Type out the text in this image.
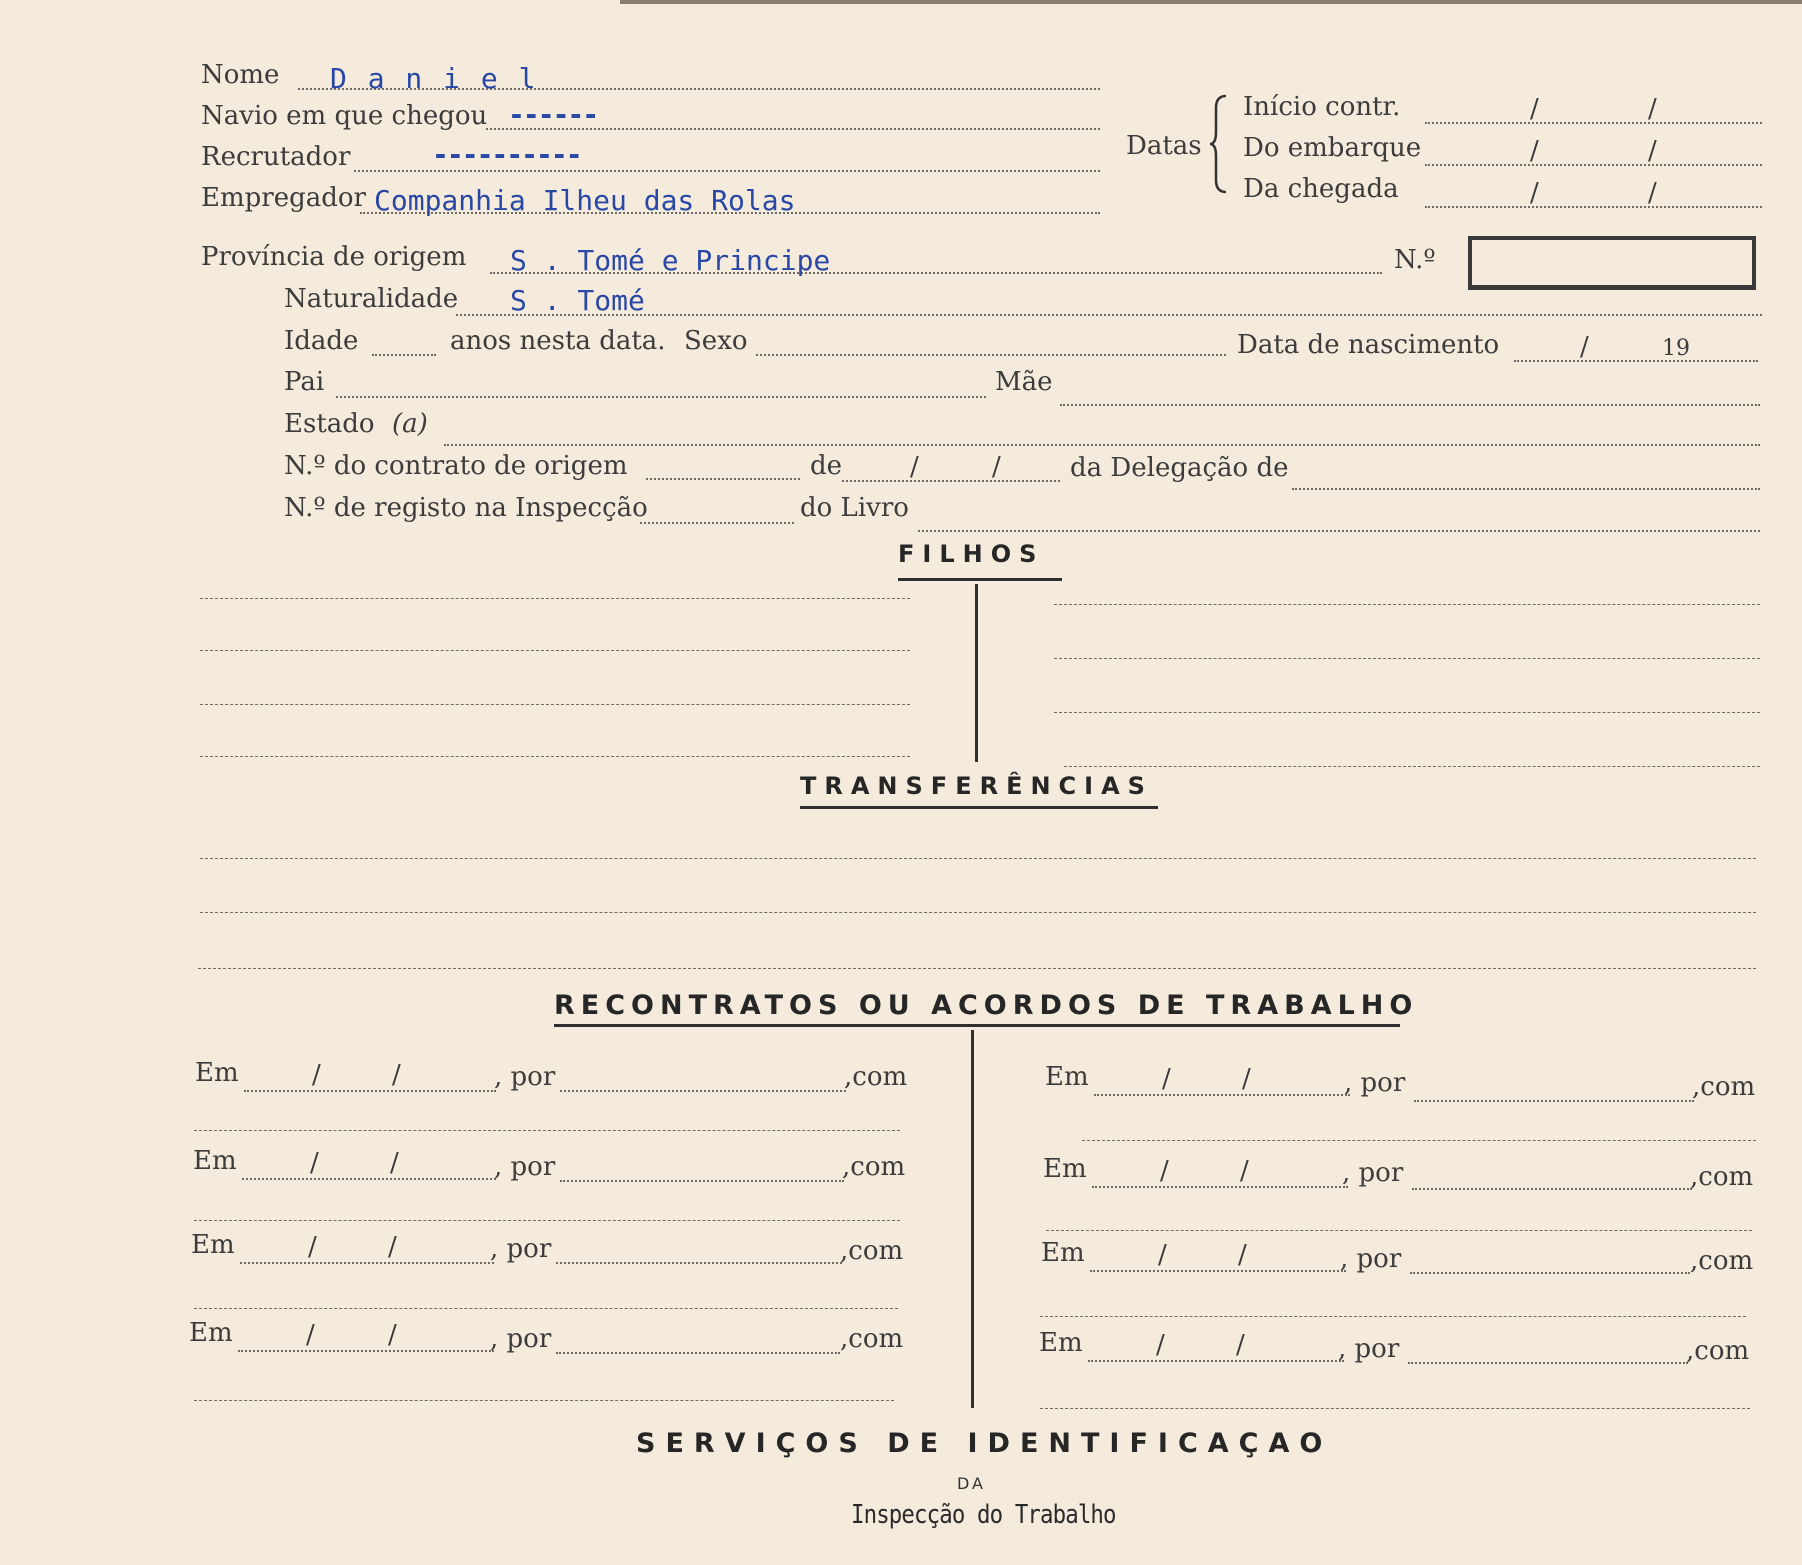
Nome D a n i e l
Navio em que chegou ------
Recrutador	----------
Empregador Companhia Ilheu das Rolas
Datas
Início contr.	/	/
Do embarque	/	/
Da chegada	/	/
Província de origem S . Tomé e Principe	N.º
Naturalidade S . Tomé
Idade	anos nesta data. Sexo	Data de nascimento	/	19
Pai	Mãe
Estado (a)
N.º do contrato de origem	de	/	/	da Delegação de
N.º de registo na Inspecção	do Livro
FILHOS
TRANSFERÊNCIAS
RECONTRATOS OU ACORDOS DE TRABALHO
Em	/	/	, por	,com
Em	/	/	, por	,com
Em	/	/	, por	,com
Em	/	/	, por	,com
Em	/	/	, por	,com
Em	/	/	, por	,com
Em	/	/	, por	,com
Em	/	/	, por	,com
SERVIÇOS DE IDENTIFICAÇAO
DA
Inspecção do Trabalho
